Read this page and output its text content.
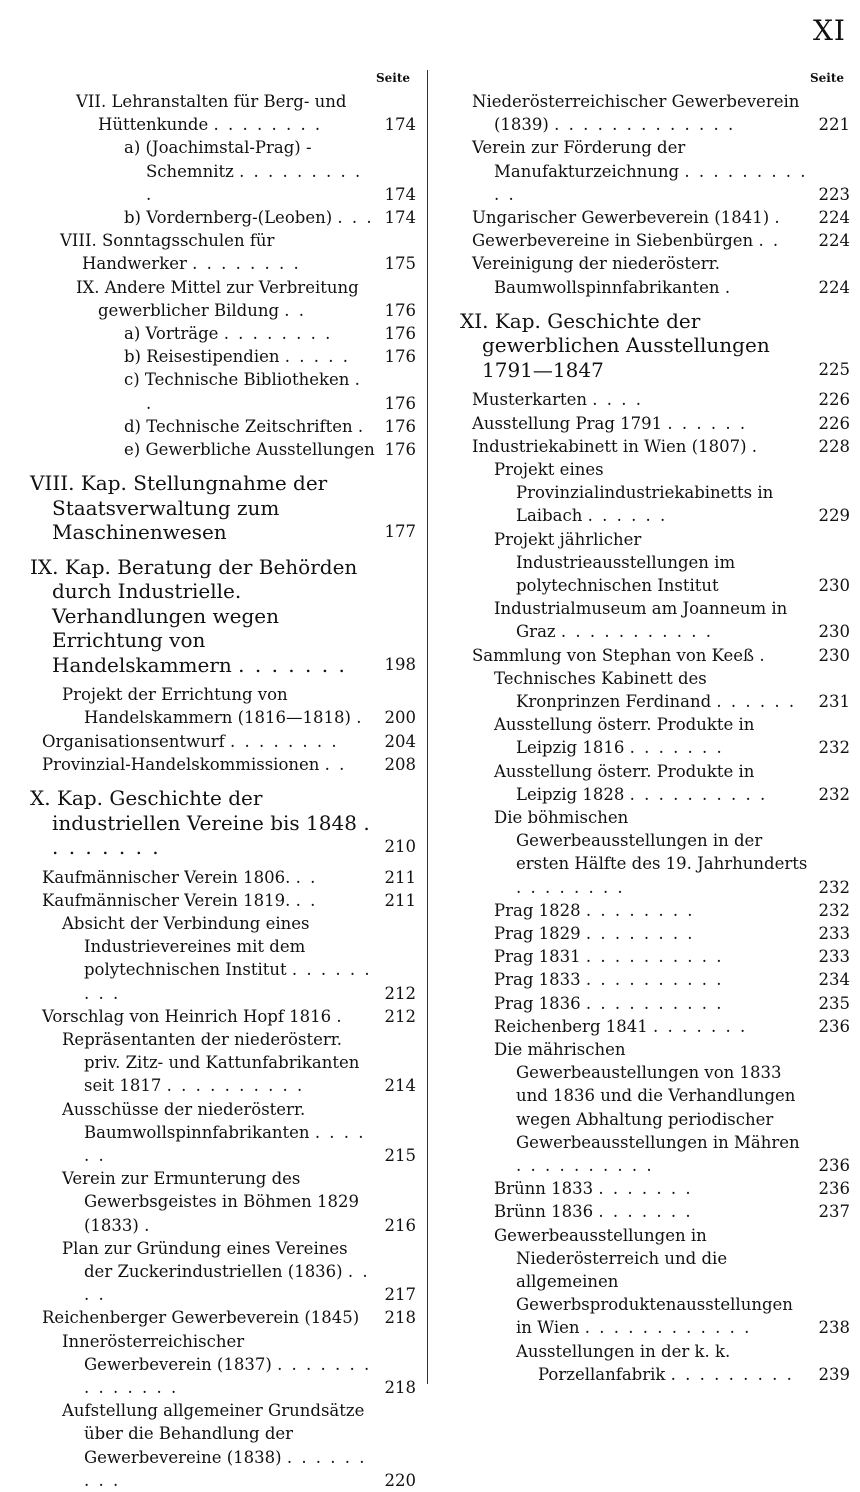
XI
Seite
VII. Lehranstalten für Berg- und Hüttenkunde . . . . . . . .	174
a) (Joachimstal-Prag) - Schemnitz . . . . . . . . . .	174
b) Vordernberg-(Leoben) . . . 174
VIII. Sonntagsschulen für Handwerker . . . . . . . .	175
IX. Andere Mittel zur Verbreitung gewerblicher Bildung . .	176
a) Vorträge . . . . . . . .	176
b) Reisestipendien . . . . . 176
c) Technische Bibliotheken . .	176
d) Technische Zeitschriften . 176
e) Gewerbliche Ausstellungen 176
VIII. Kap. Stellungnahme der Staatsverwaltung zum Maschinenwesen	177
IX. Kap. Beratung der Behörden durch Industrielle. Verhandlungen wegen Errichtung von Handelskammern . . . . . . . 198
Projekt der Errichtung von Handelskammern (1816—1818) . 200
Organisationsentwurf . . . . . . . .	204
Provinzial-Handelskommissionen . . 208
X. Kap. Geschichte der industriellen Vereine bis 1848 . . . . . . . .	210
Kaufmännischer Verein 1806. . .	211
Kaufmännischer Verein 1819. . .	211
Absicht der Verbindung eines Industrievereines mit dem polytechnischen Institut . . . . . . . . .	212
Vorschlag von Heinrich Hopf 1816 . 212
Repräsentanten der niederösterr. priv. Zitz- und Kattunfabrikanten seit 1817 . . . . . . . . . .	214
Ausschüsse der niederösterr. Baumwollspinnfabrikanten . . . . . .	215
Verein zur Ermunterung des Gewerbsgeistes in Böhmen 1829 (1833) .	216
Plan zur Gründung eines Vereines der Zuckerindustriellen (1836) . . . .	217
Reichenberger Gewerbeverein (1845) 218
Innerösterreichischer Gewerbeverein (1837) . . . . . . . . . . . . . .	218
Aufstellung allgemeiner Grundsätze über die Behandlung der Gewerbevereine (1838) . . . . . . . . .	220
Seite
Niederösterreichischer Gewerbeverein (1839) . . . . . . . . . . . . .	221
Verein zur Förderung der Manufakturzeichnung . . . . . . . . . . .	223
Ungarischer Gewerbeverein (1841) . 224
Gewerbevereine in Siebenbürgen . . 224
Vereinigung der niederösterr. Baumwollspinnfabrikanten .	224
XI. Kap. Geschichte der gewerblichen Ausstellungen 1791—1847	225
Musterkarten . . . .	226
Ausstellung Prag 1791 . . . . . .	226
Industriekabinett in Wien (1807) .	228
Projekt eines Provinzialindustriekabinetts in Laibach . . . . . .	229
Projekt jährlicher Industrieausstellungen im polytechnischen Institut	230
Industrialmuseum am Joanneum in Graz . . . . . . . . . . .	230
Sammlung von Stephan von Keeß .	230
Technisches Kabinett des Kronprinzen Ferdinand . . . . . . 231
Ausstellung österr. Produkte in Leipzig 1816 . . . . . . .	232
Ausstellung österr. Produkte in Leipzig 1828 . . . . . . . . . .	232
Die böhmischen Gewerbeausstellungen in der ersten Hälfte des 19. Jahrhunderts . . . . . . . .	232
Prag 1828 . . . . . . . .	232
Prag 1829 . . . . . . . .	233
Prag 1831 . . . . . . . . . .	233
Prag 1833 . . . . . . . . . .	234
Prag 1836 . . . . . . . . . .	235
Reichenberg 1841 . . . . . . .	236
Die mährischen Gewerbeaustellungen von 1833 und 1836 und die Verhandlungen wegen Abhaltung periodischer Gewerbeausstellungen in Mähren . . . . . . . . . .	236
Brünn 1833 . . . . . . .	236
Brünn 1836 . . . . . . .	237
Gewerbeausstellungen in Niederösterreich und die allgemeinen Gewerbsproduktenausstellungen in Wien . . . . . . . . . . . .	238
Ausstellungen in der k. k. Porzellanfabrik . . . . . . . . . 239
